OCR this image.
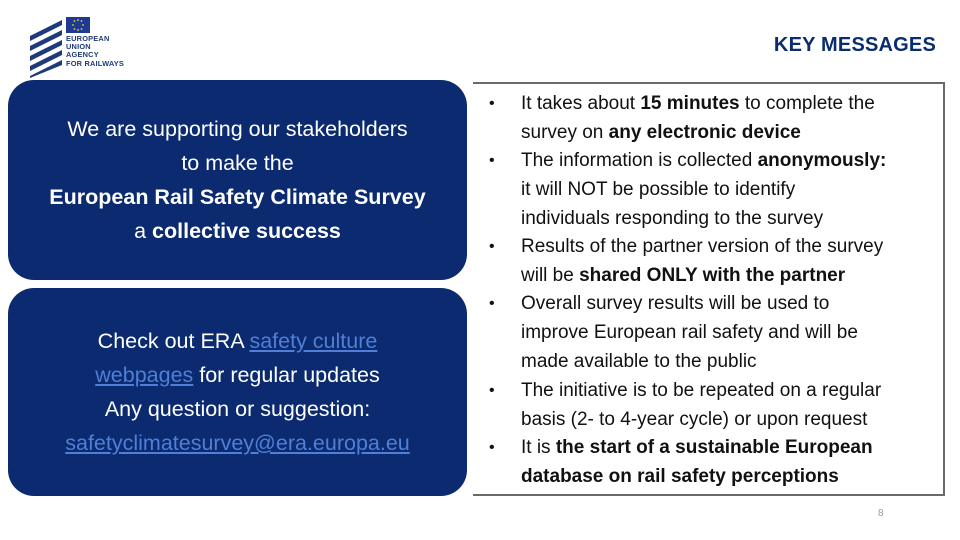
EUROPEAN
UNION
AGENCY
FOR RAILWAYS
KEY MESSAGES
We are supporting our stakeholders
to make the
European Rail Safety Climate Survey
a collective success
Check out ERA safety culture
webpages for regular updates
Any question or suggestion:
safetyclimatesurvey@era.europa.eu
• It takes about 15 minutes to complete the
survey on any electronic device
• The information is collected anonymously:
it will NOT be possible to identify
individuals responding to the survey
• Results of the partner version of the survey
will be shared ONLY with the partner
• Overall survey results will be used to
improve European rail safety and will be
made available to the public
• The initiative is to be repeated on a regular
basis (2- to 4-year cycle) or upon request
• It is the start of a sustainable European
database on rail safety perceptions
8
